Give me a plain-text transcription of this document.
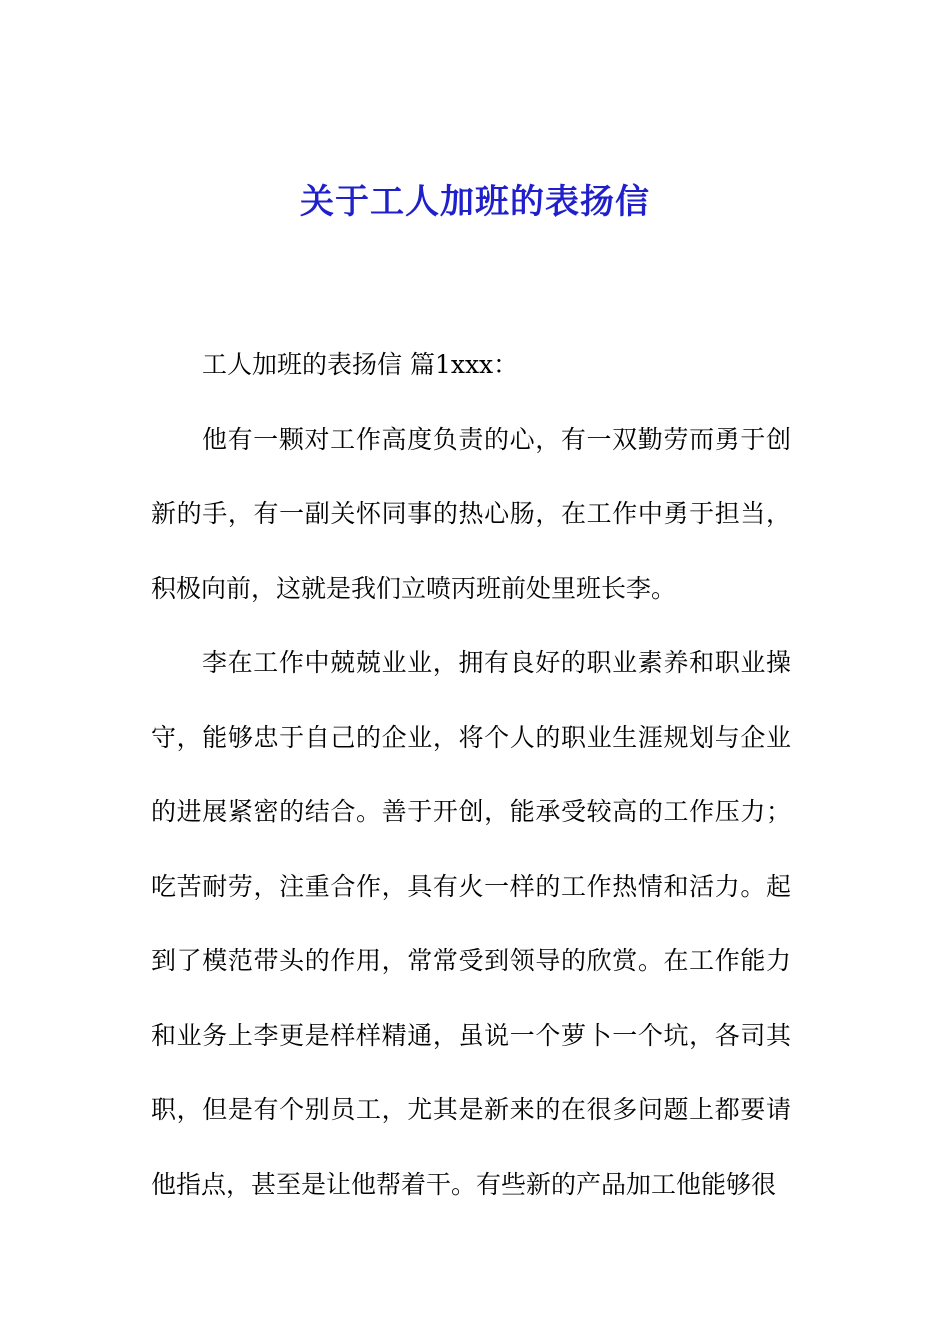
关于工人加班的表扬信

工人加班的表扬信 篇1xxx：

他有一颗对工作高度负责的心，有一双勤劳而勇于创新的手，有一副关怀同事的热心肠，在工作中勇于担当，积极向前，这就是我们立喷丙班前处里班长李。

李在工作中兢兢业业，拥有良好的职业素养和职业操守，能够忠于自己的企业，将个人的职业生涯规划与企业的进展紧密的结合。善于开创，能承受较高的工作压力；吃苦耐劳，注重合作，具有火一样的工作热情和活力。起到了模范带头的作用，常常受到领导的欣赏。在工作能力和业务上李更是样样精通，虽说一个萝卜一个坑，各司其职，但是有个别员工，尤其是新来的在很多问题上都要请他指点，甚至是让他帮着干。有些新的产品加工他能够很
